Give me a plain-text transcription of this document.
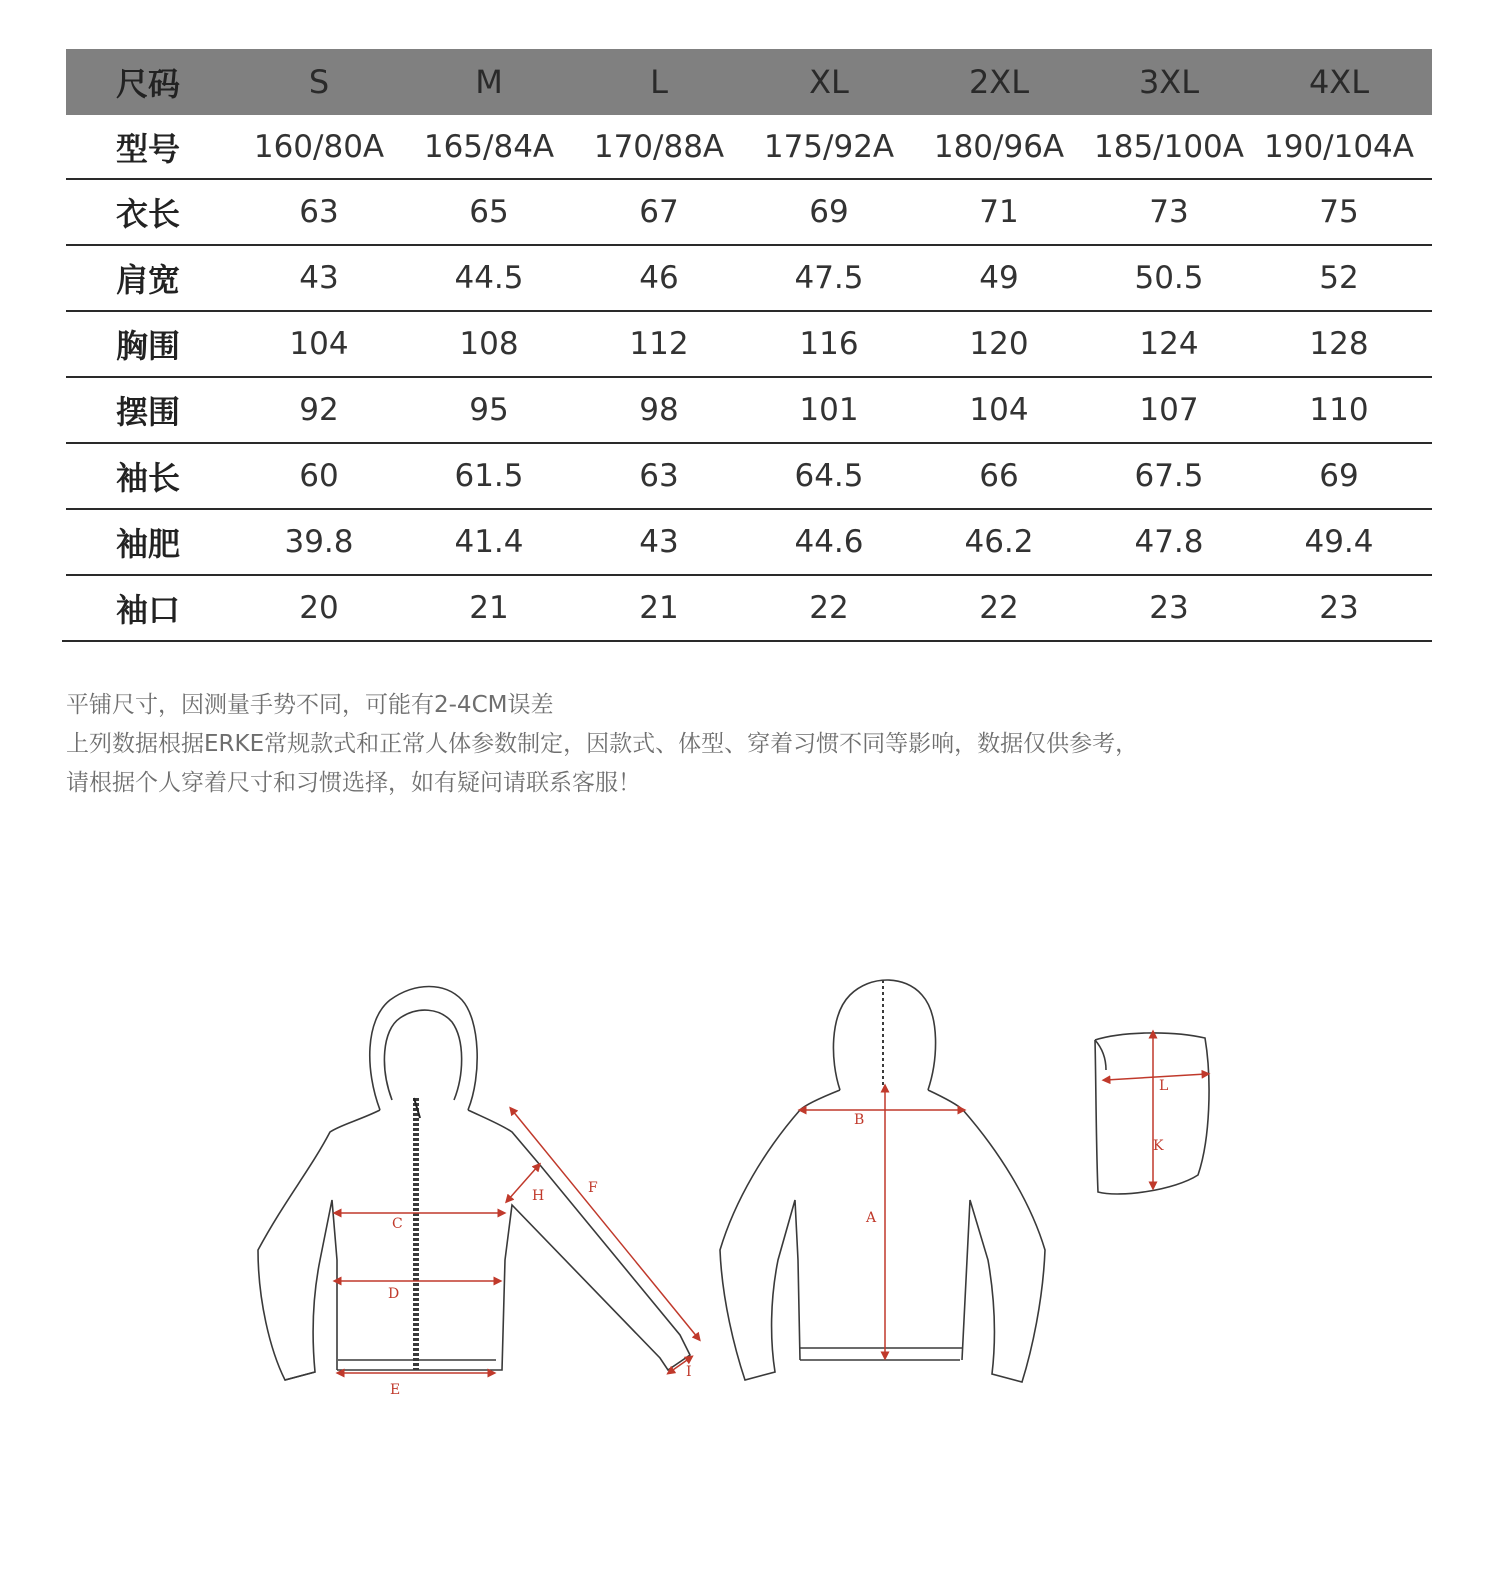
尺码	S	M	L	XL	2XL	3XL	4XL
型号	160/80A	165/84A	170/88A	175/92A	180/96A 185/100A 190/104A
衣长	63	65	67	69	71	73	75
肩宽	43	44.5	46	47.5	49	50.5	52
胸围	104	108	112	116	120	124	128
摆围	92	95	98	101	104	107	110
袖长	60	61.5	63	64.5	66	67.5	69
袖肥	39.8	41.4	43	44.6	46.2	47.8	49.4
袖口	20	21	21	22	22	23	23
平铺尺寸，因测量手势不同，可能有2-4CM误差
上列数据根据ERKE常规款式和正常人体参数制定，因款式、体型、穿着习惯不同等影响，数据仅供参考，
请根据个人穿着尺寸和习惯选择，如有疑问请联系客服！
C
D
E
F
H
I
B
A
L
K
